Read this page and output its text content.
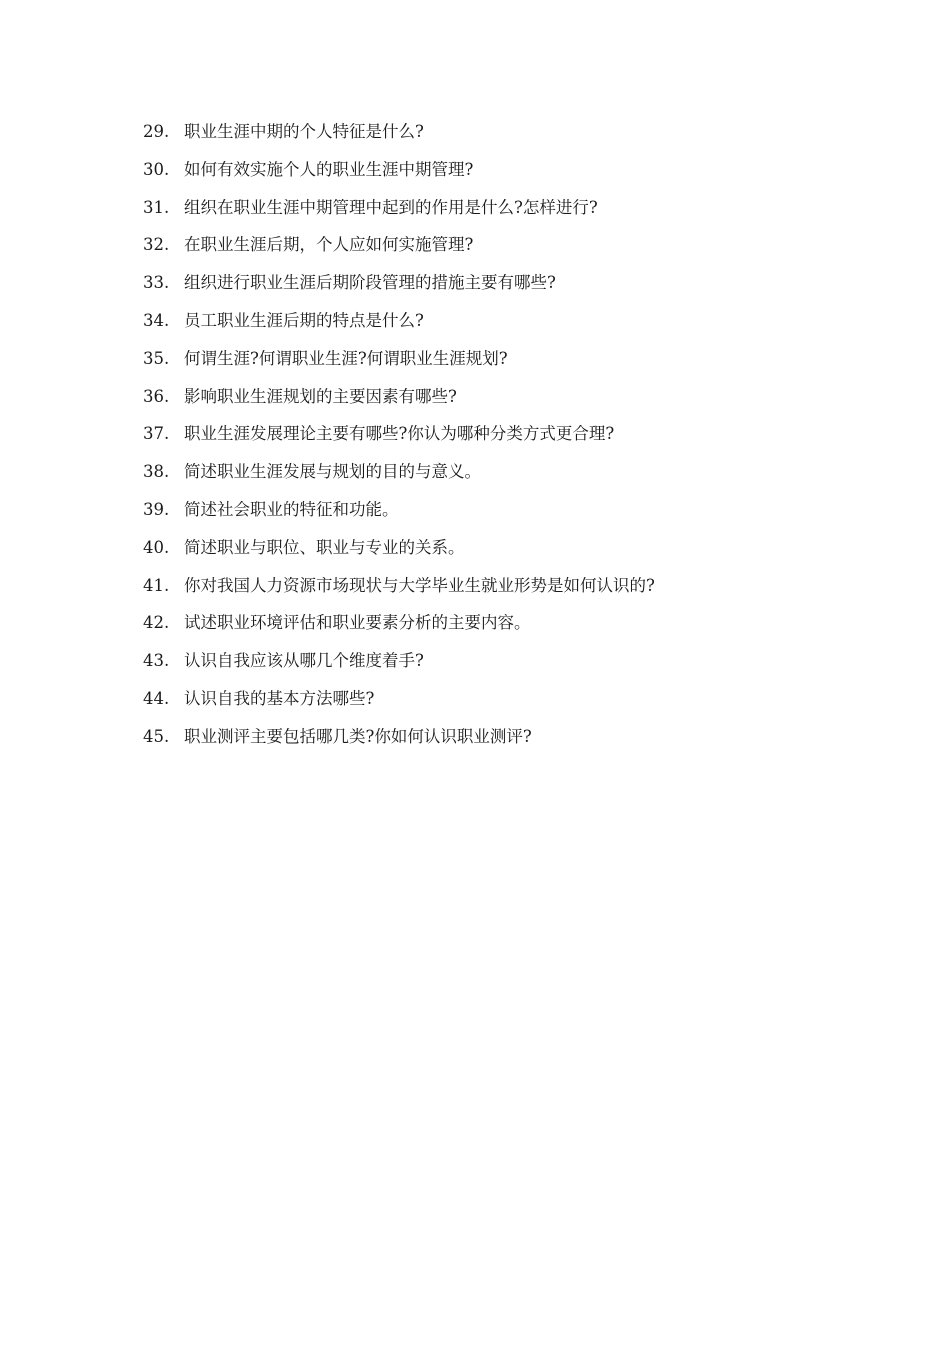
29. 职业生涯中期的个人特征是什么?
30. 如何有效实施个人的职业生涯中期管理?
31. 组织在职业生涯中期管理中起到的作用是什么?怎样进行?
32. 在职业生涯后期，个人应如何实施管理?
33. 组织进行职业生涯后期阶段管理的措施主要有哪些?
34. 员工职业生涯后期的特点是什么?
35. 何谓生涯?何谓职业生涯?何谓职业生涯规划?
36. 影响职业生涯规划的主要因素有哪些?
37. 职业生涯发展理论主要有哪些?你认为哪种分类方式更合理?
38. 简述职业生涯发展与规划的目的与意义。
39. 简述社会职业的特征和功能。
40. 简述职业与职位、职业与专业的关系。
41. 你对我国人力资源市场现状与大学毕业生就业形势是如何认识的?
42. 试述职业环境评估和职业要素分析的主要内容。
43. 认识自我应该从哪几个维度着手?
44. 认识自我的基本方法哪些?
45. 职业测评主要包括哪几类?你如何认识职业测评?
